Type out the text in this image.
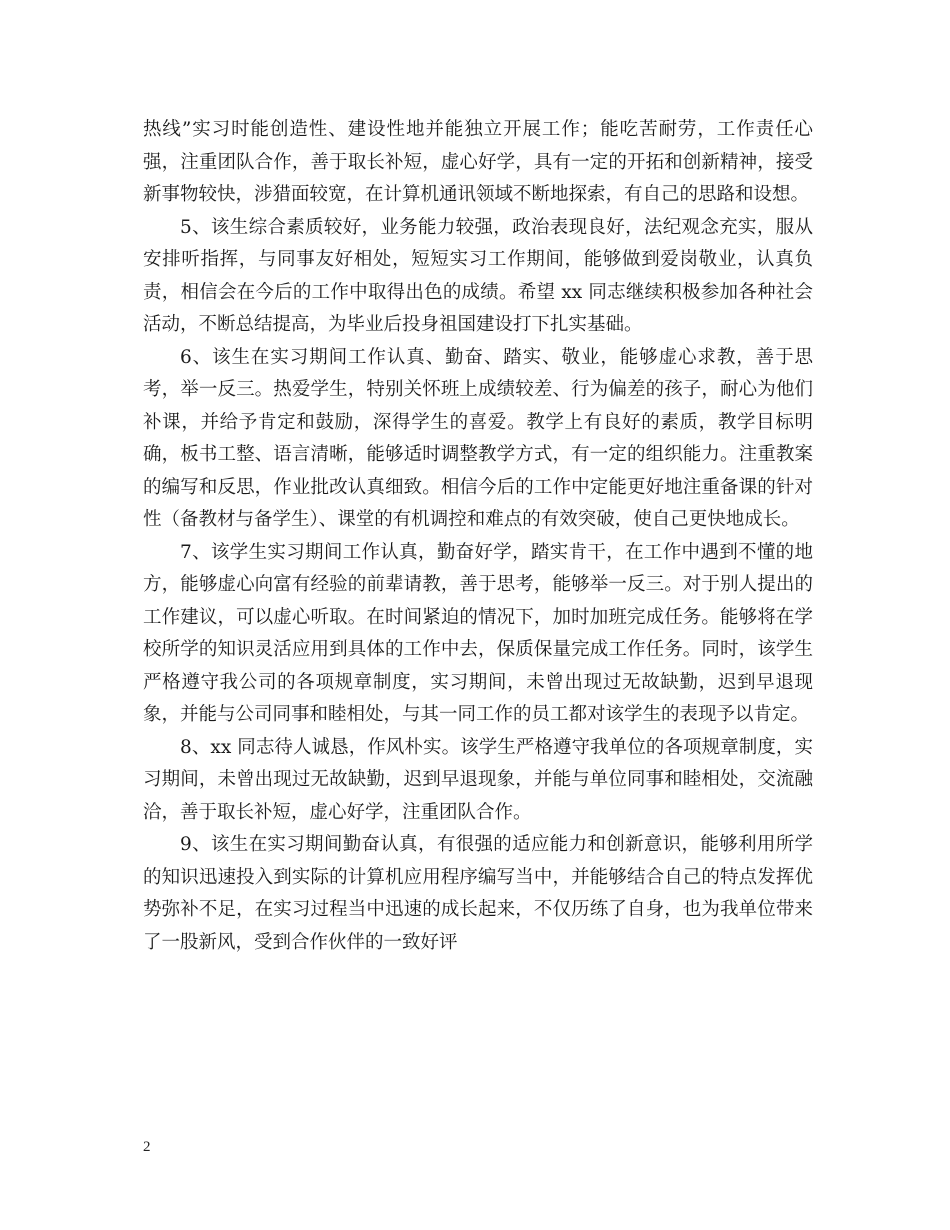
热线”实习时能创造性、建设性地并能独立开展工作；能吃苦耐劳，工作责任心强，注重团队合作，善于取长补短，虚心好学，具有一定的开拓和创新精神，接受新事物较快，涉猎面较宽，在计算机通讯领域不断地探索，有自己的思路和设想。

5、该生综合素质较好，业务能力较强，政治表现良好，法纪观念充实，服从安排听指挥，与同事友好相处，短短实习工作期间，能够做到爱岗敬业，认真负责，相信会在今后的工作中取得出色的成绩。希望 xx 同志继续积极参加各种社会活动，不断总结提高，为毕业后投身祖国建设打下扎实基础。

6、该生在实习期间工作认真、勤奋、踏实、敬业，能够虚心求教，善于思考，举一反三。热爱学生，特别关怀班上成绩较差、行为偏差的孩子，耐心为他们补课，并给予肯定和鼓励，深得学生的喜爱。教学上有良好的素质，教学目标明确，板书工整、语言清晰，能够适时调整教学方式，有一定的组织能力。注重教案的编写和反思，作业批改认真细致。相信今后的工作中定能更好地注重备课的针对性（备教材与备学生）、课堂的有机调控和难点的有效突破，使自己更快地成长。

7、该学生实习期间工作认真，勤奋好学，踏实肯干，在工作中遇到不懂的地方，能够虚心向富有经验的前辈请教，善于思考，能够举一反三。对于别人提出的工作建议，可以虚心听取。在时间紧迫的情况下，加时加班完成任务。能够将在学校所学的知识灵活应用到具体的工作中去，保质保量完成工作任务。同时，该学生严格遵守我公司的各项规章制度，实习期间，未曾出现过无故缺勤，迟到早退现象，并能与公司同事和睦相处，与其一同工作的员工都对该学生的表现予以肯定。

8、xx 同志待人诚恳，作风朴实。该学生严格遵守我单位的各项规章制度，实习期间，未曾出现过无故缺勤，迟到早退现象，并能与单位同事和睦相处，交流融洽，善于取长补短，虚心好学，注重团队合作。

9、该生在实习期间勤奋认真，有很强的适应能力和创新意识，能够利用所学的知识迅速投入到实际的计算机应用程序编写当中，并能够结合自己的特点发挥优势弥补不足，在实习过程当中迅速的成长起来，不仅历练了自身，也为我单位带来了一股新风，受到合作伙伴的一致好评

2
